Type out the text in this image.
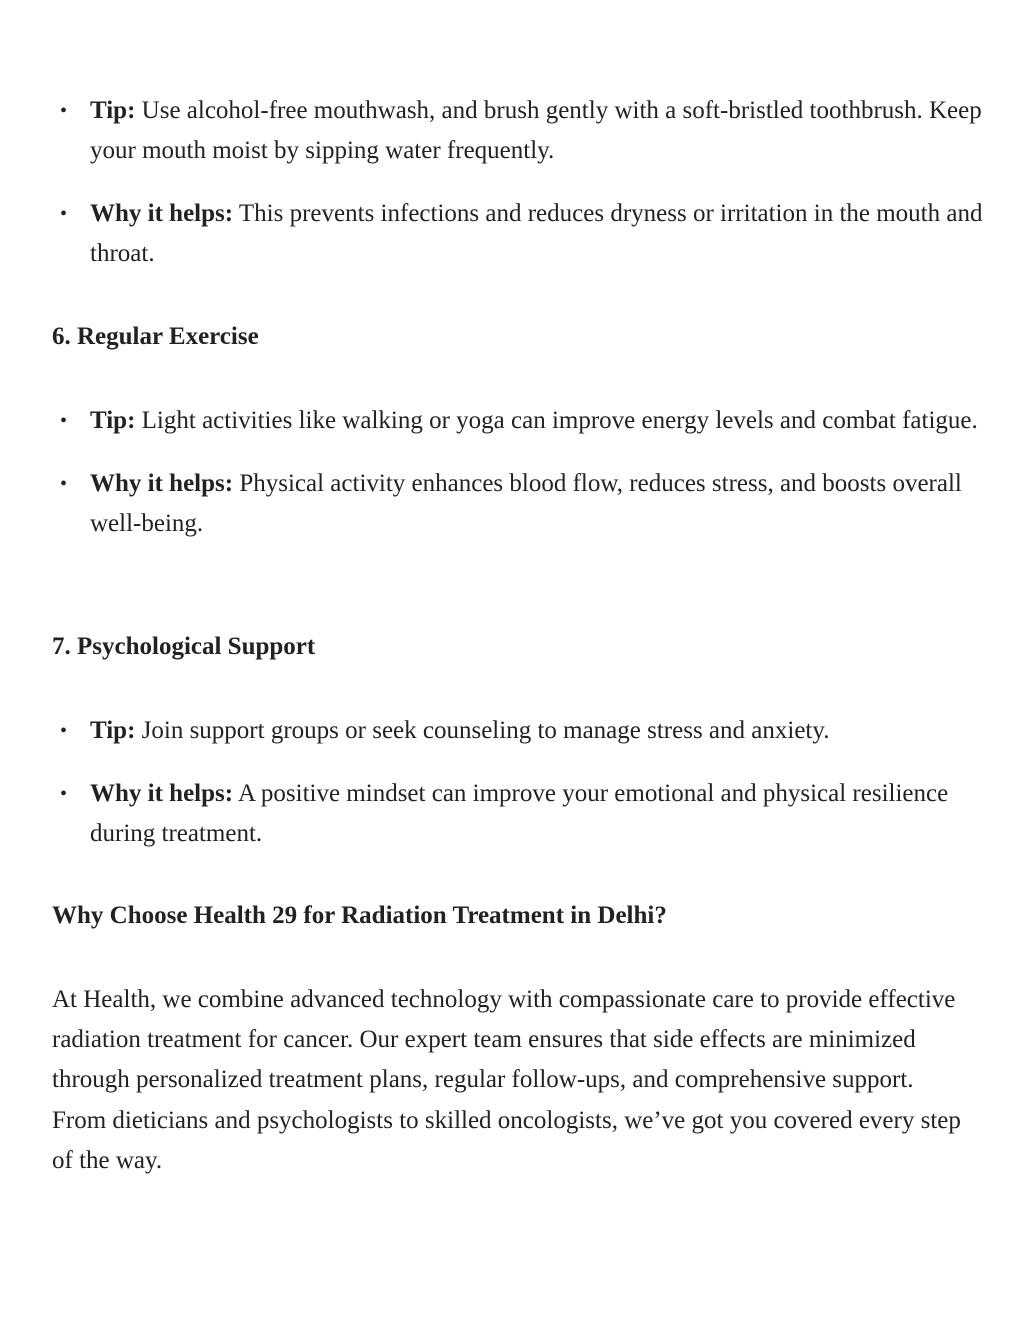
• Tip: Use alcohol-free mouthwash, and brush gently with a soft-bristled toothbrush. Keep your mouth moist by sipping water frequently.
• Why it helps: This prevents infections and reduces dryness or irritation in the mouth and throat.
6. Regular Exercise
• Tip: Light activities like walking or yoga can improve energy levels and combat fatigue.
• Why it helps: Physical activity enhances blood flow, reduces stress, and boosts overall well-being.
7. Psychological Support
• Tip: Join support groups or seek counseling to manage stress and anxiety.
• Why it helps: A positive mindset can improve your emotional and physical resilience during treatment.
Why Choose Health 29 for Radiation Treatment in Delhi?

At Health, we combine advanced technology with compassionate care to provide effective radiation treatment for cancer. Our expert team ensures that side effects are minimized through personalized treatment plans, regular follow-ups, and comprehensive support. From dieticians and psychologists to skilled oncologists, we’ve got you covered every step of the way.
